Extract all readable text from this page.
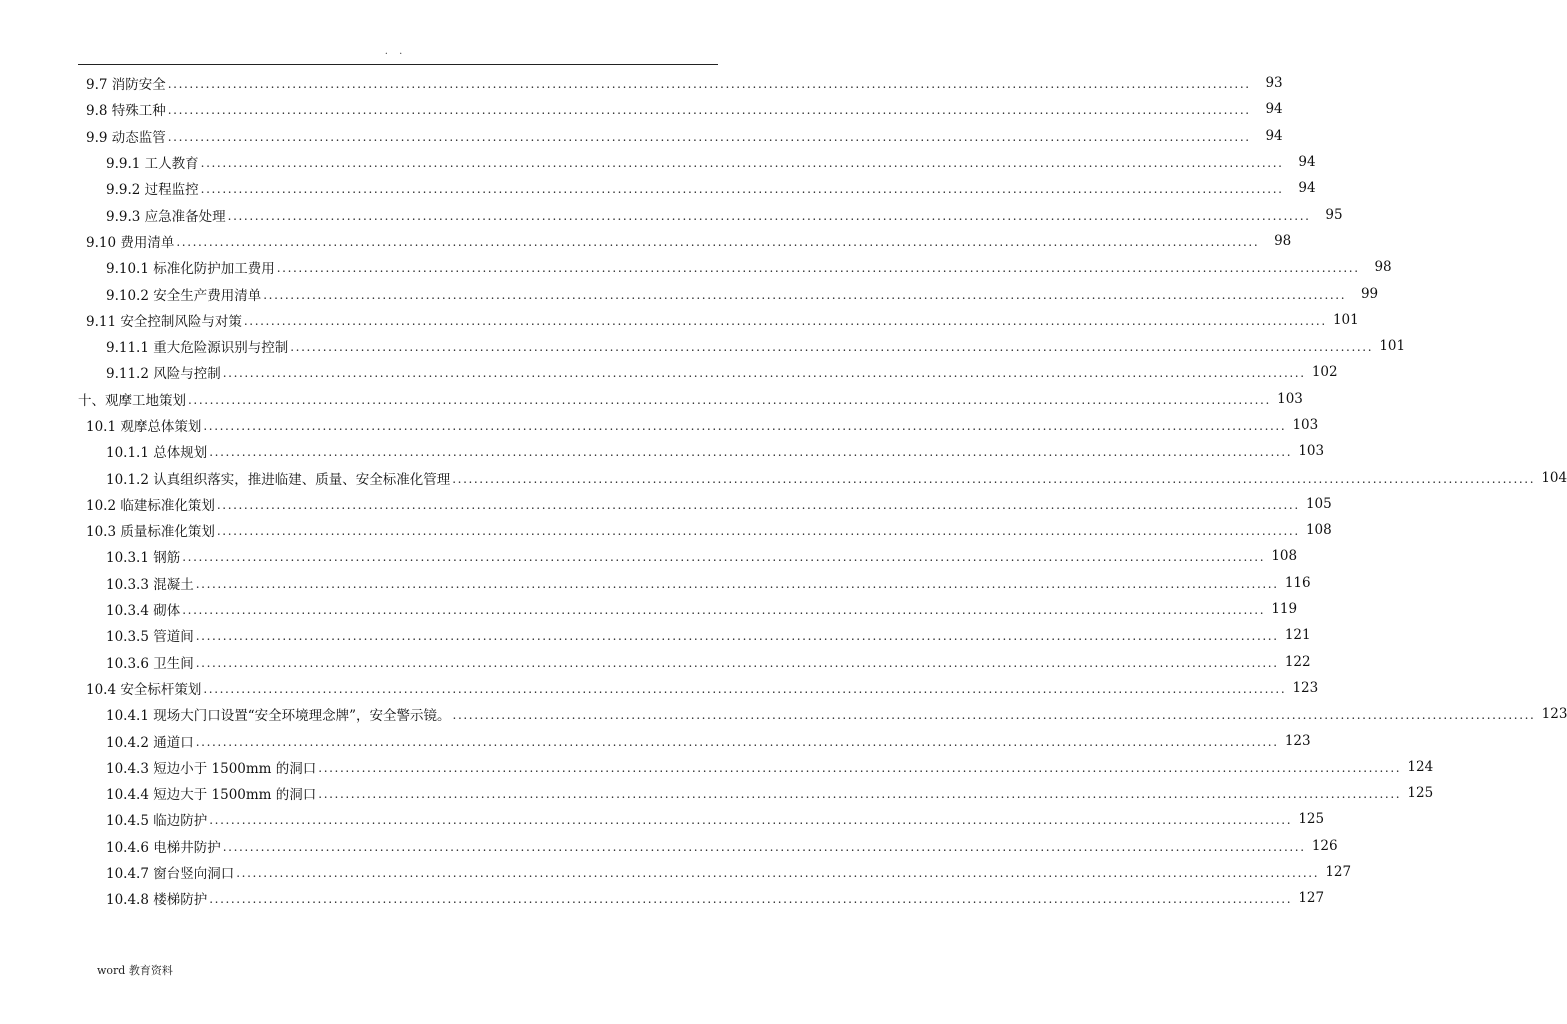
. .
9.7 消防安全 ........................................................................................................................................................................................................	93
9.8 特殊工种 ........................................................................................................................................................................................................	94
9.9 动态监管 ........................................................................................................................................................................................................	94
9.9.1 工人教育 ........................................................................................................................................................................................................	94
9.9.2 过程监控 ........................................................................................................................................................................................................	94
9.9.3 应急准备处理 ........................................................................................................................................................................................................	95
9.10 费用清单 ........................................................................................................................................................................................................	98
9.10.1 标准化防护加工费用 ........................................................................................................................................................................................................	98
9.10.2 安全生产费用清单 ........................................................................................................................................................................................................	99
9.11 安全控制风险与对策 ........................................................................................................................................................................................................ 101
9.11.1 重大危险源识别与控制 ........................................................................................................................................................................................................ 101
9.11.2 风险与控制 ........................................................................................................................................................................................................ 102
十、观摩工地策划 ........................................................................................................................................................................................................ 103
10.1 观摩总体策划 ........................................................................................................................................................................................................ 103
10.1.1 总体规划 ........................................................................................................................................................................................................ 103
10.1.2 认真组织落实，推进临建、质量、安全标准化管理 ........................................................................................................................................................................................................ 104
10.2 临建标准化策划 ........................................................................................................................................................................................................ 105
10.3 质量标准化策划 ........................................................................................................................................................................................................ 108
10.3.1 钢筋 ........................................................................................................................................................................................................ 108
10.3.3 混凝土 ........................................................................................................................................................................................................ 116
10.3.4 砌体 ........................................................................................................................................................................................................ 119
10.3.5 管道间 ........................................................................................................................................................................................................ 121
10.3.6 卫生间 ........................................................................................................................................................................................................ 122
10.4 安全标杆策划 ........................................................................................................................................................................................................ 123
10.4.1 现场大门口设置“安全环境理念牌”，安全警示镜。 ........................................................................................................................................................................................................ 123
10.4.2 通道口 ........................................................................................................................................................................................................ 123
10.4.3 短边小于 1500mm 的洞口 ........................................................................................................................................................................................................ 124
10.4.4 短边大于 1500mm 的洞口 ........................................................................................................................................................................................................ 125
10.4.5 临边防护 ........................................................................................................................................................................................................ 125
10.4.6 电梯井防护 ........................................................................................................................................................................................................ 126
10.4.7 窗台竖向洞口 ........................................................................................................................................................................................................ 127
10.4.8 楼梯防护 ........................................................................................................................................................................................................ 127
word 教育资料
